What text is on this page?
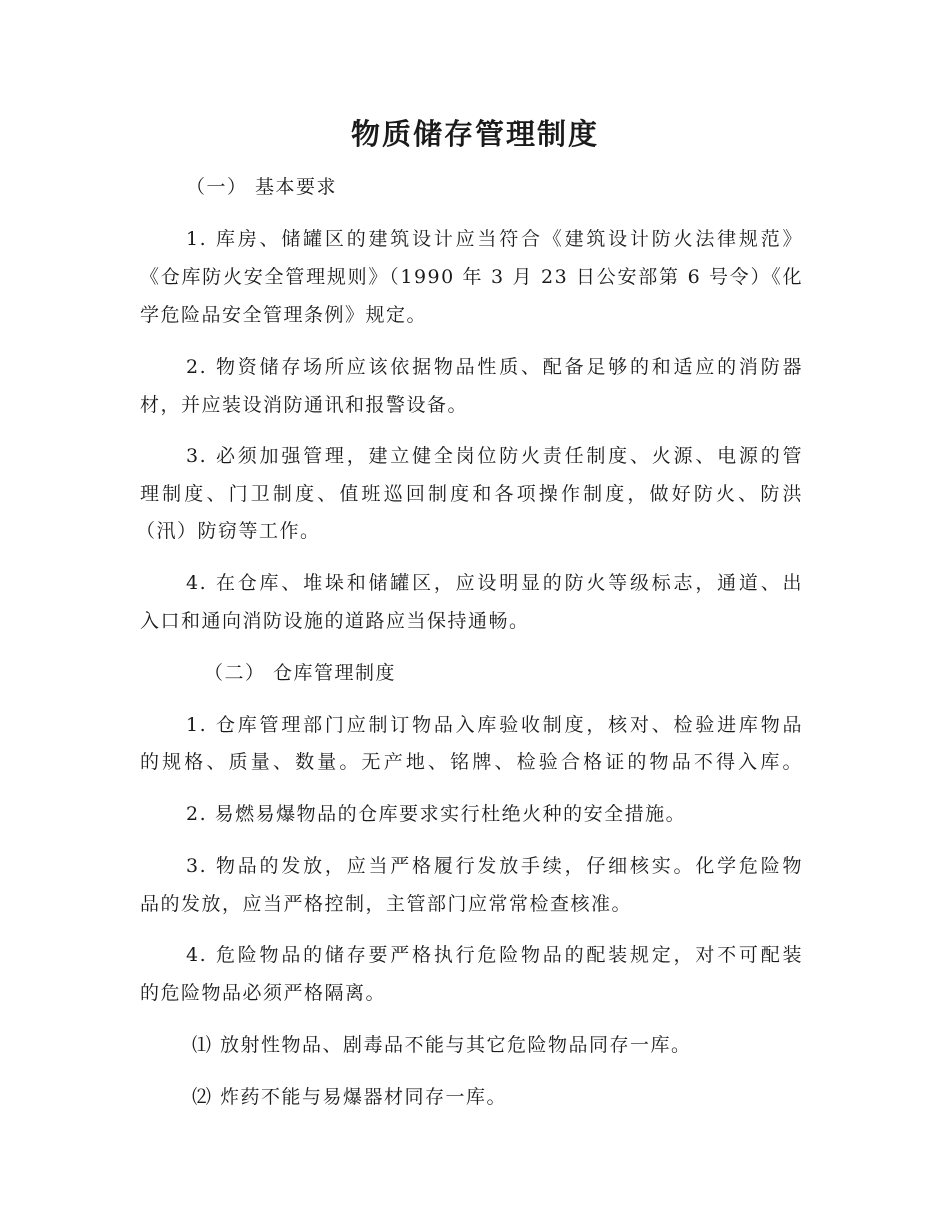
物质储存管理制度
（一） 基本要求
1. 库房、储罐区的建筑设计应当符合《建筑设计防火法律规范》
《仓库防火安全管理规则》（1990 年 3 月 23 日公安部第 6 号令）《化
学危险品安全管理条例》规定。
2. 物资储存场所应该依据物品性质、配备足够的和适应的消防器
材，并应装设消防通讯和报警设备。
3. 必须加强管理，建立健全岗位防火责任制度、火源、电源的管
理制度、门卫制度、值班巡回制度和各项操作制度，做好防火、防洪
（汛）防窃等工作。
4. 在仓库、堆垛和储罐区，应设明显的防火等级标志，通道、出
入口和通向消防设施的道路应当保持通畅。
（二） 仓库管理制度
1. 仓库管理部门应制订物品入库验收制度，核对、检验进库物品
的规格、质量、数量。无产地、铭牌、检验合格证的物品不得入库。
2. 易燃易爆物品的仓库要求实行杜绝火种的安全措施。
3. 物品的发放，应当严格履行发放手续，仔细核实。化学危险物
品的发放，应当严格控制，主管部门应常常检查核准。
4. 危险物品的储存要严格执行危险物品的配装规定，对不可配装
的危险物品必须严格隔离。
⑴ 放射性物品、剧毒品不能与其它危险物品同存一库。
⑵ 炸药不能与易爆器材同存一库。
